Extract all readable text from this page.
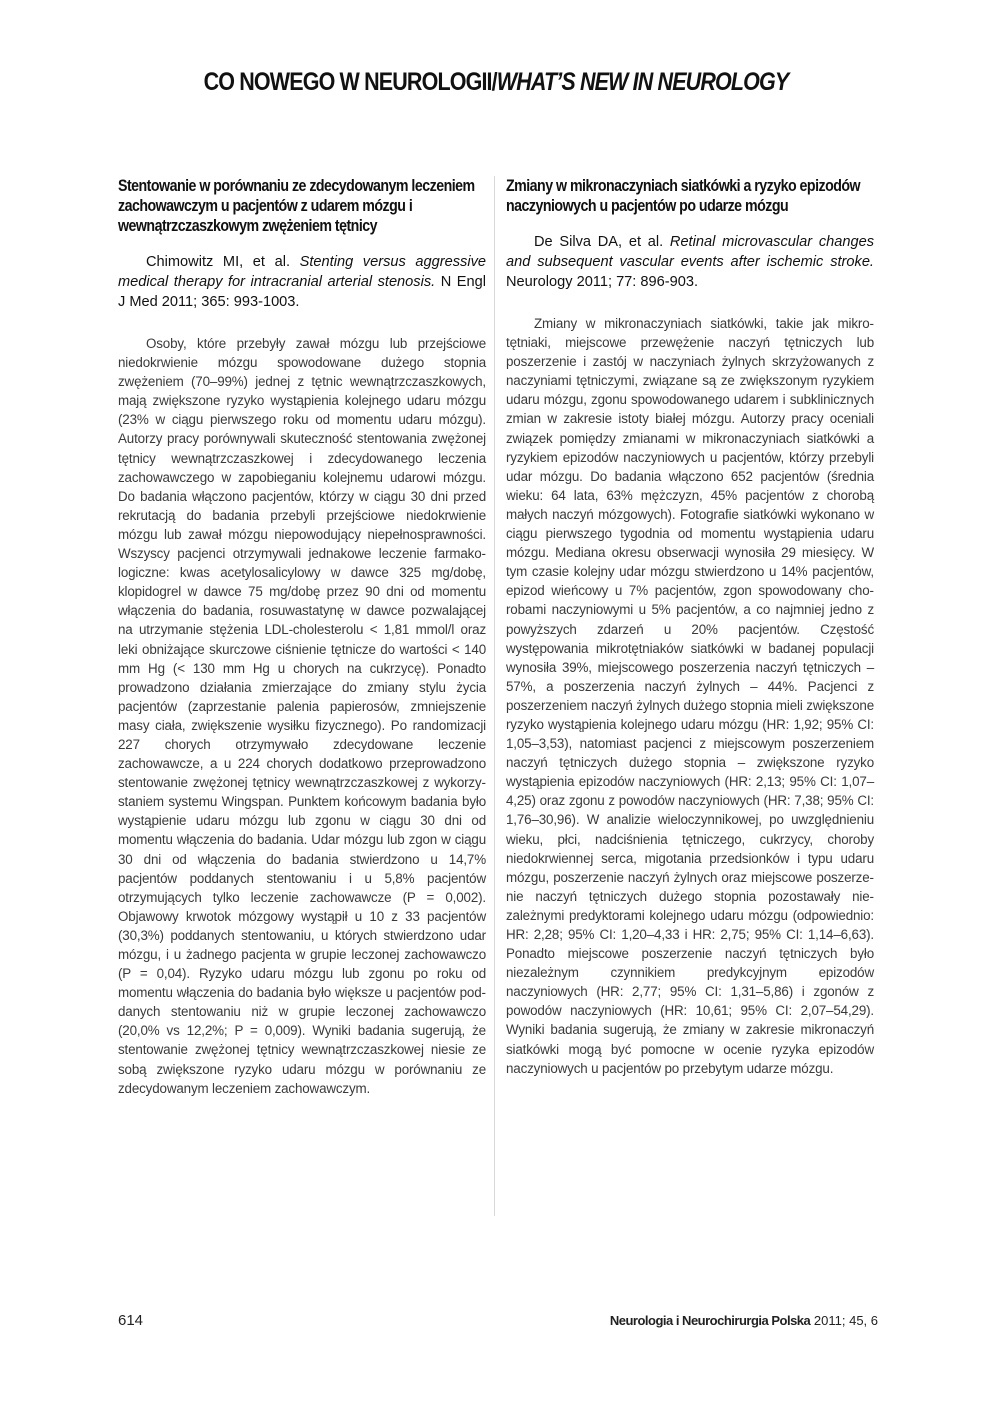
CO NOWEGO W NEUROLOGII/WHAT’S NEW IN NEUROLOGY
Stentowanie w porównaniu ze zdecydowanym leczeniem zachowawczym u pacjentów z udarem mózgu i wewnątrzczaszkowym zwężeniem tętnicy

Chimowitz MI, et al. Stenting versus aggressive medical therapy for intracranial arterial stenosis. N Engl J Med 2011; 365: 993-1003.

Osoby, które przebyły zawał mózgu lub przejściowe niedokrwienie mózgu spowodowane dużego stopnia zwężeniem (70–99%) jednej z tętnic wewnątrzczaszkowych, mają zwiększone ryzyko wystąpienia kolejnego udaru mózgu (23% w ciągu pierwszego roku od momentu udaru mózgu). Autorzy pracy porównywali skuteczność stentowania zwężonej tętnicy wewnątrzczaszkowej i zdecydowanego leczenia zachowawczego w zapobieganiu kolejnemu udarowi mózgu. Do badania włączono pacjentów, którzy w ciągu 30 dni przed rekrutacją do badania przebyli przejściowe niedokrwienie mózgu lub zawał mózgu niepowodujący niepełnosprawności. Wszyscy pacjenci otrzymywali jednakowe leczenie farmakologiczne: kwas acetylosalicylowy w dawce 325 mg/dobę, klopidogrel w dawce 75 mg/dobę przez 90 dni od momentu włączenia do badania, rosuwastatynę w dawce pozwalającej na utrzymanie stężenia LDL-cholesterolu < 1,81 mmol/l oraz leki obniżające skurczowe ciśnienie tętnicze do wartości < 140 mm Hg (< 130 mm Hg u chorych na cukrzycę). Ponadto prowadzono działania zmierzające do zmiany stylu życia pacjentów (zaprzestanie palenia papierosów, zmniejszenie masy ciała, zwiększenie wysiłku fizycznego). Po randomizacji 227 chorych otrzymywało zdecydowane leczenie zachowawcze, a u 224 chorych dodatkowo przeprowadzono stentowanie zwężonej tętnicy wewnątrzczaszkowej z wykorzystaniem systemu Wingspan. Punktem końcowym badania było wystąpienie udaru mózgu lub zgonu w ciągu 30 dni od momentu włączenia do badania. Udar mózgu lub zgon w ciągu 30 dni od włączenia do badania stwierdzono u 14,7% pacjentów poddanych stentowaniu i u 5,8% pacjentów otrzymujących tylko leczenie zachowawcze (P = 0,002). Objawowy krwotok mózgowy wystąpił u 10 z 33 pacjentów (30,3%) poddanych stentowaniu, u których stwierdzono udar mózgu, i u żadnego pacjenta w grupie leczonej zachowawczo (P = 0,04). Ryzyko udaru mózgu lub zgonu po roku od momentu włączenia do badania było większe u pacjentów poddanych stentowaniu niż w grupie leczonej zachowawczo (20,0% vs 12,2%; P = 0,009). Wyniki badania sugerują, że stentowanie zwężonej tętnicy wewnątrzczaszkowej niesie ze sobą zwiększone ryzyko udaru mózgu w porównaniu ze zdecydowanym leczeniem zachowawczym.

Zmiany w mikronaczyniach siatkówki a ryzyko epizodów naczyniowych u pacjentów po udarze mózgu

De Silva DA, et al. Retinal microvascular changes and subsequent vascular events after ischemic stroke. Neurology 2011; 77: 896-903.

Zmiany w mikronaczyniach siatkówki, takie jak mikrotętniaki, miejscowe przewężenie naczyń tętniczych lub poszerzenie i zastój w naczyniach żylnych skrzyżowanych z naczyniami tętniczymi, związane są ze zwiększonym ryzykiem udaru mózgu, zgonu spowodowanego udarem i subklinicznych zmian w zakresie istoty białej mózgu. Autorzy pracy oceniali związek pomiędzy zmianami w mikronaczyniach siatkówki a ryzykiem epizodów naczyniowych u pacjentów, którzy przebyli udar mózgu. Do badania włączono 652 pacjentów (średnia wieku: 64 lata, 63% mężczyzn, 45% pacjentów z chorobą małych naczyń mózgowych). Fotografie siatkówki wykonano w ciągu pierwszego tygodnia od momentu wystąpienia udaru mózgu. Mediana okresu obserwacji wynosiła 29 miesięcy. W tym czasie kolejny udar mózgu stwierdzono u 14% pacjentów, epizod wieńcowy u 7% pacjentów, zgon spowodowany chorobami naczyniowymi u 5% pacjentów, a co najmniej jedno z powyższych zdarzeń u 20% pacjentów. Częstość występowania mikrotętniaków siatkówki w badanej populacji wynosiła 39%, miejscowego poszerzenia naczyń tętniczych – 57%, a poszerzenia naczyń żylnych – 44%. Pacjenci z poszerzeniem naczyń żylnych dużego stopnia mieli zwiększone ryzyko wystąpienia kolejnego udaru mózgu (HR: 1,92; 95% CI: 1,05–3,53), natomiast pacjenci z miejscowym poszerzeniem naczyń tętniczych dużego stopnia – zwiększone ryzyko wystąpienia epizodów naczyniowych (HR: 2,13; 95% CI: 1,07–4,25) oraz zgonu z powodów naczyniowych (HR: 7,38; 95% CI: 1,76–30,96). W analizie wieloczynnikowej, po uwzględnieniu wieku, płci, nadciśnienia tętniczego, cukrzycy, choroby niedokrwiennej serca, migotania przedsionków i typu udaru mózgu, poszerzenie naczyń żylnych oraz miejscowe poszerzenie naczyń tętniczych dużego stopnia pozostawały niezależnymi predyktorami kolejnego udaru mózgu (odpowiednio: HR: 2,28; 95% CI: 1,20–4,33 i HR: 2,75; 95% CI: 1,14–6,63). Ponadto miejscowe poszerzenie naczyń tętniczych było niezależnym czynnikiem predykcyjnym epizodów naczyniowych (HR: 2,77; 95% CI: 1,31–5,86) i zgonów z powodów naczyniowych (HR: 10,61; 95% CI: 2,07–54,29). Wyniki badania sugerują, że zmiany w zakresie mikronaczyń siatkówki mogą być pomocne w ocenie ryzyka epizodów naczyniowych u pacjentów po przebytym udarze mózgu.

614	Neurologia i Neurochirurgia Polska 2011; 45, 6
